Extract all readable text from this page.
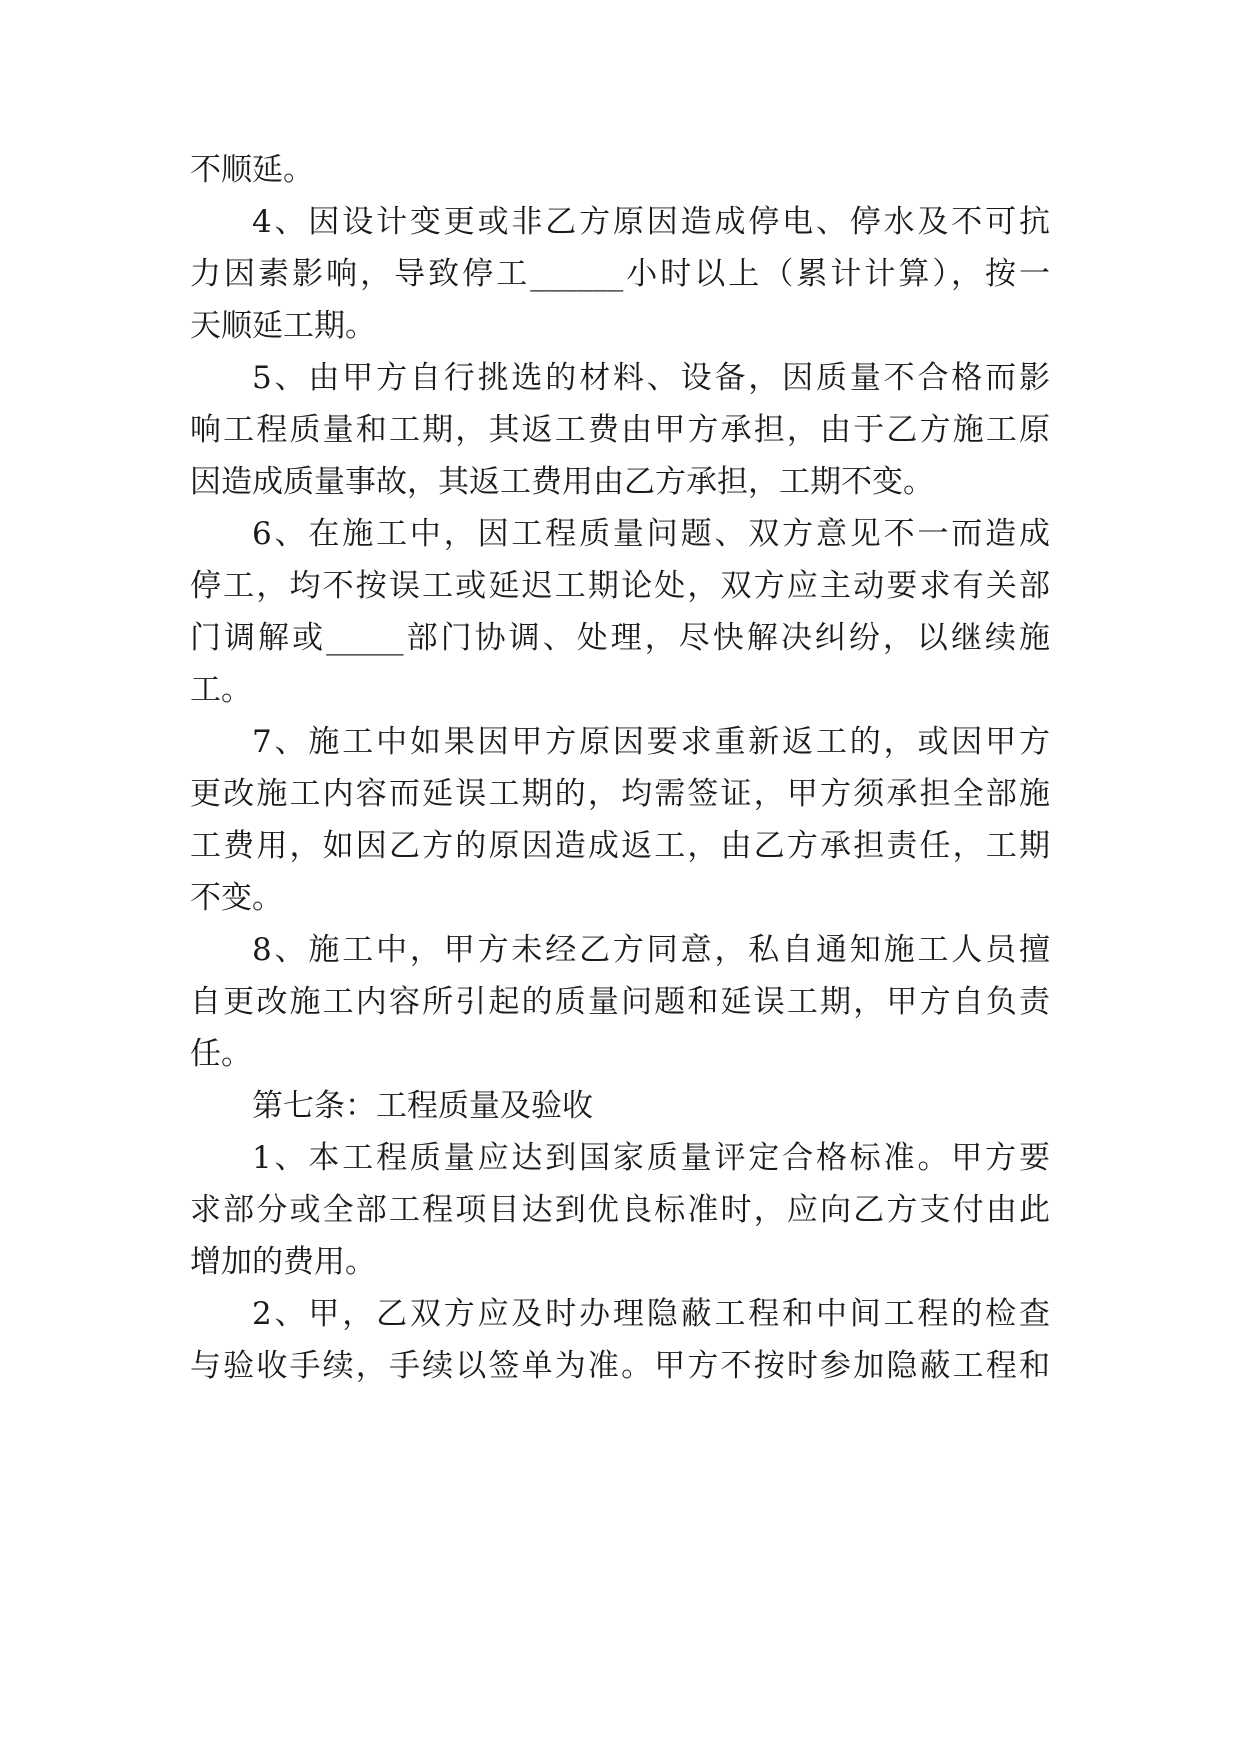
不顺延。
4、因设计变更或非乙方原因造成停电、停水及不可抗
力因素影响，导致停工______小时以上（累计计算），按一
天顺延工期。
5、由甲方自行挑选的材料、设备，因质量不合格而影
响工程质量和工期，其返工费由甲方承担，由于乙方施工原
因造成质量事故，其返工费用由乙方承担，工期不变。
6、在施工中，因工程质量问题、双方意见不一而造成
停工，均不按误工或延迟工期论处，双方应主动要求有关部
门调解或_____部门协调、处理，尽快解决纠纷，以继续施
工。
7、施工中如果因甲方原因要求重新返工的，或因甲方
更改施工内容而延误工期的，均需签证，甲方须承担全部施
工费用，如因乙方的原因造成返工，由乙方承担责任，工期
不变。
8、施工中，甲方未经乙方同意，私自通知施工人员擅
自更改施工内容所引起的质量问题和延误工期，甲方自负责
任。
第七条：工程质量及验收
1、本工程质量应达到国家质量评定合格标准。甲方要
求部分或全部工程项目达到优良标准时，应向乙方支付由此
增加的费用。
2、甲，乙双方应及时办理隐蔽工程和中间工程的检查
与验收手续，手续以签单为准。甲方不按时参加隐蔽工程和
